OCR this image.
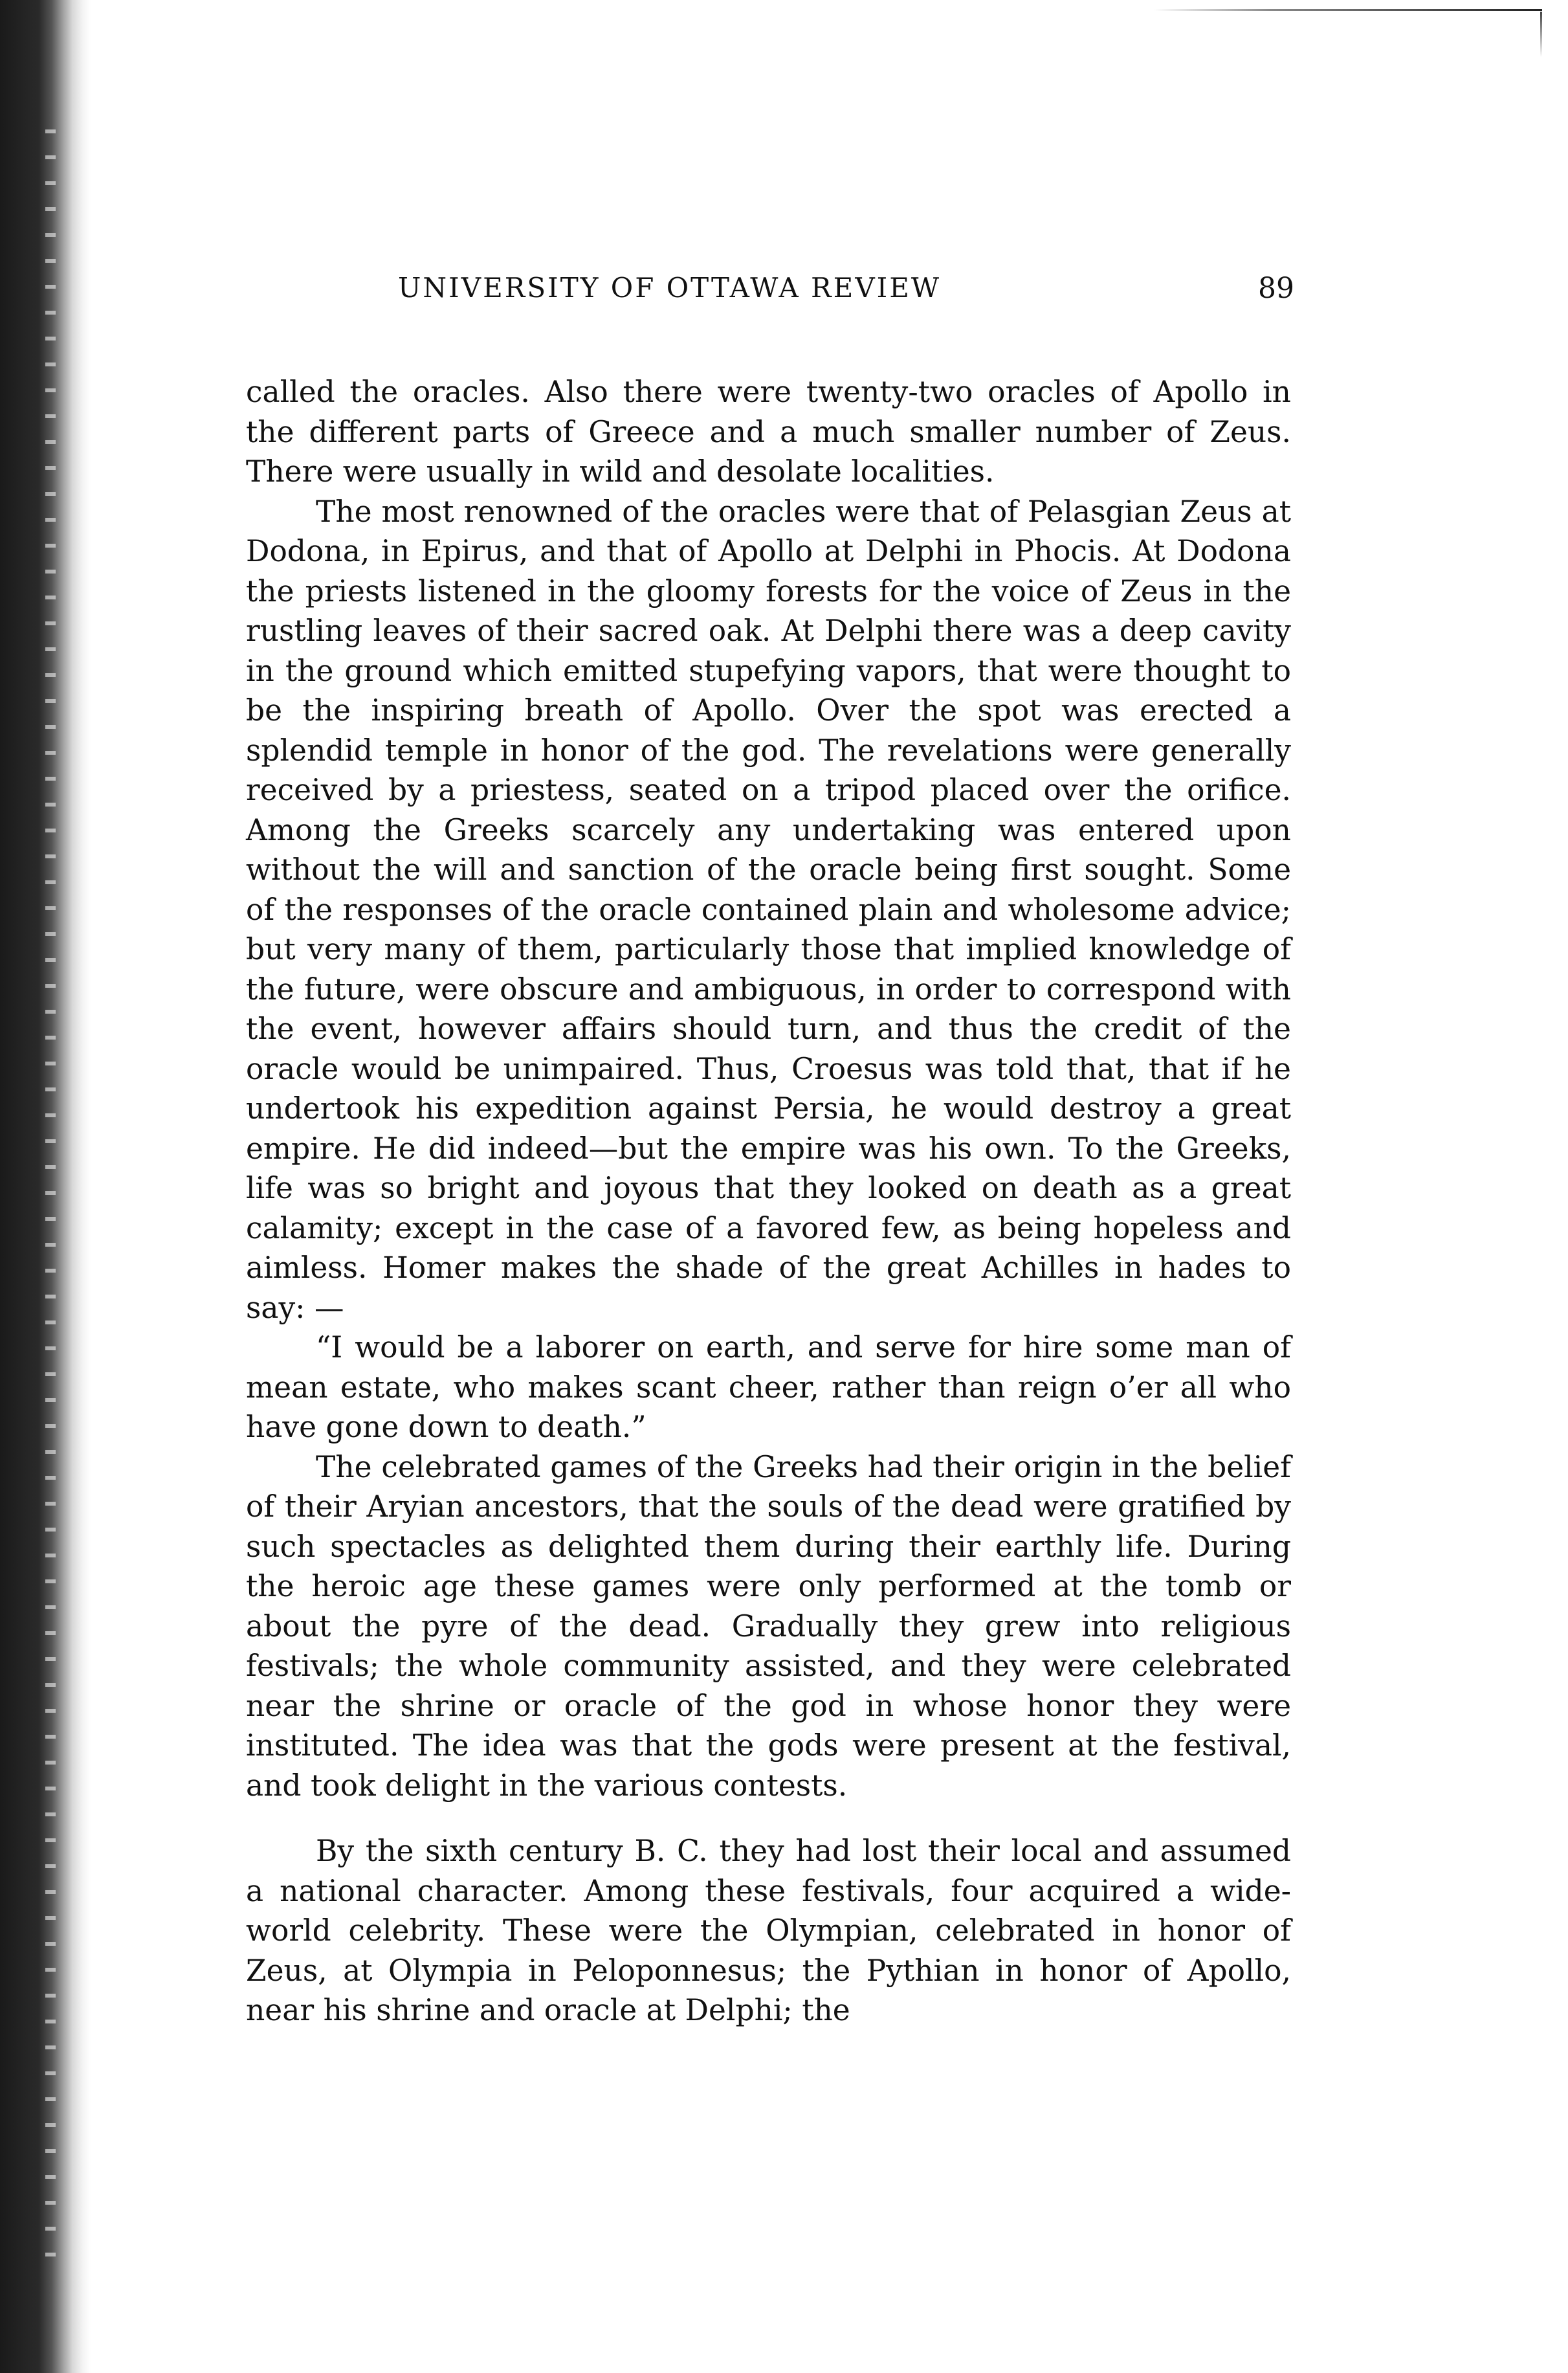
UNIVERSITY OF OTTAWA REVIEW	89

called the oracles. Also there were twenty-two oracles of Apollo in the different parts of Greece and a much smaller number of Zeus. There were usually in wild and desolate localities.

The most renowned of the oracles were that of Pelasgian Zeus at Dodona, in Epirus, and that of Apollo at Delphi in Phocis. At Dodona the priests listened in the gloomy forests for the voice of Zeus in the rustling leaves of their sacred oak. At Delphi there was a deep cavity in the ground which emitted stupefying vapors, that were thought to be the inspiring breath of Apollo. Over the spot was erected a splendid temple in honor of the god. The revelations were generally received by a priestess, seated on a tripod placed over the orifice. Among the Greeks scarcely any undertaking was entered upon without the will and sanction of the oracle being first sought. Some of the responses of the oracle contained plain and wholesome advice; but very many of them, particularly those that implied knowledge of the future, were obscure and ambiguous, in order to correspond with the event, however affairs should turn, and thus the credit of the oracle would be unimpaired. Thus, Croesus was told that, that if he undertook his expedition against Persia, he would destroy a great empire. He did indeed—but the empire was his own. To the Greeks, life was so bright and joyous that they looked on death as a great calamity; except in the case of a favored few, as being hopeless and aimless. Homer makes the shade of the great Achilles in hades to say: —

“I would be a laborer on earth, and serve for hire some man of mean estate, who makes scant cheer, rather than reign o’er all who have gone down to death.”

The celebrated games of the Greeks had their origin in the belief of their Aryian ancestors, that the souls of the dead were gratified by such spectacles as delighted them during their earthly life. During the heroic age these games were only performed at the tomb or about the pyre of the dead. Gradually they grew into religious festivals; the whole community assisted, and they were celebrated near the shrine or oracle of the god in whose honor they were instituted. The idea was that the gods were present at the festival, and took delight in the various contests.

By the sixth century B. C. they had lost their local and assumed a national character. Among these festivals, four acquired a wide-world celebrity. These were the Olympian, celebrated in honor of Zeus, at Olympia in Peloponnesus; the Pythian in honor of Apollo, near his shrine and oracle at Delphi; the
